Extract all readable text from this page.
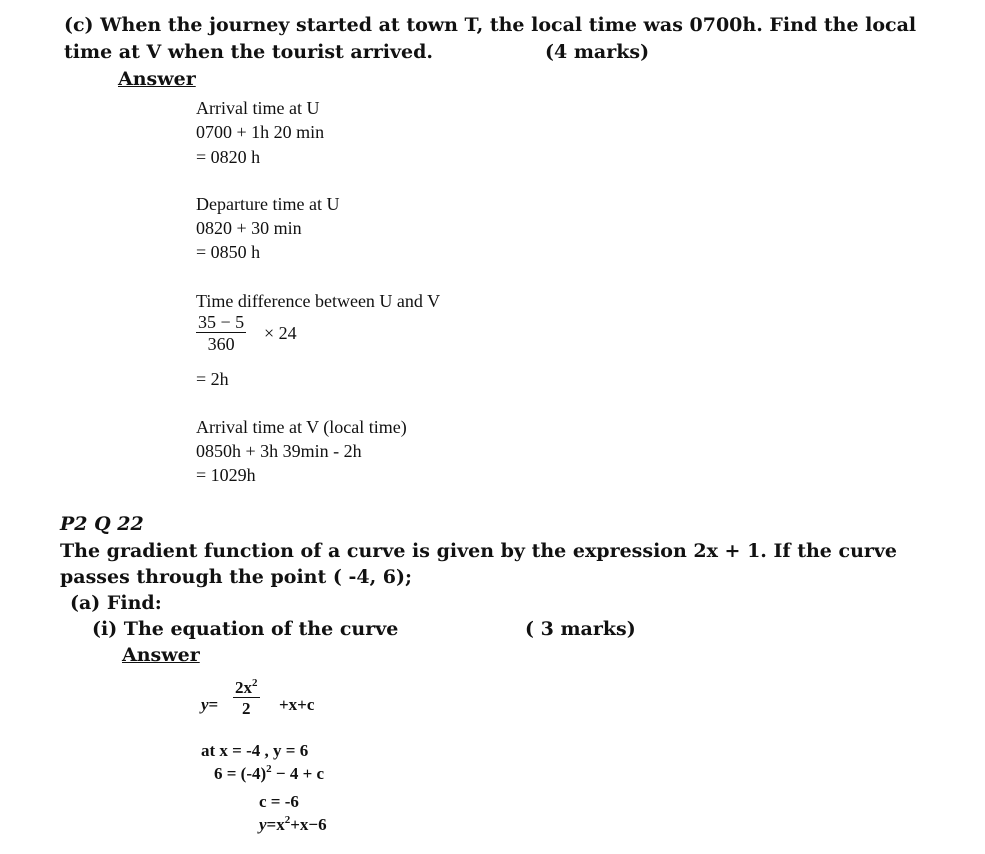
(c) When the journey started at town T, the local time was 0700h. Find the local
time at V when the tourist arrived.	(4 marks)
Answer
Arrival time at U
0700 + 1h 20 min
= 0820 h
Departure time at U
0820 + 30 min
= 0850 h
Time difference between U and V
$\frac{35 - 5}{360} \times 24$
= 2h
Arrival time at V (local time)
0850h + 3h 39min - 2h
= 1029h
P2 Q 22
The gradient function of a curve is given by the expression 2x + 1. If the curve
passes through the point ( -4, 6);
(a) Find:
(i) The equation of the curve	( 3 marks)
Answer
$y= \frac{2x^2}{2} +x+c$
at x = -4 , y = 6
$6 = (-4)^2 - 4 + c$
c = -6
$y=x^2+x-6$
